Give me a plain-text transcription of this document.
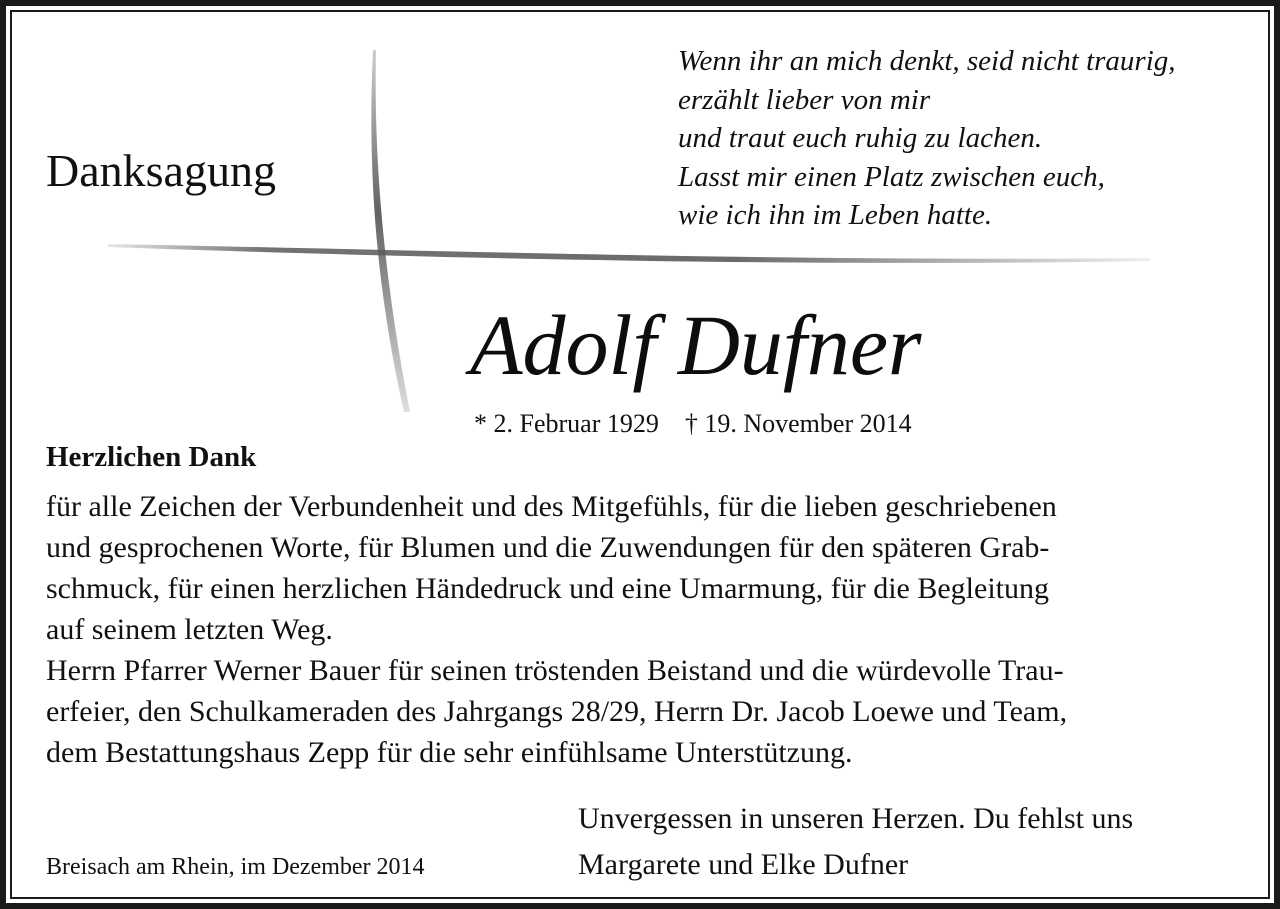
Danksagung
Wenn ihr an mich denkt, seid nicht traurig,
erzählt lieber von mir
und traut euch ruhig zu lachen.
Lasst mir einen Platz zwischen euch,
wie ich ihn im Leben hatte.
Adolf Dufner
* 2. Februar 1929 † 19. November 2014
Herzlichen Dank
für alle Zeichen der Verbundenheit und des Mitgefühls, für die lieben geschriebenen
und gesprochenen Worte, für Blumen und die Zuwendungen für den späteren Grab-
schmuck, für einen herzlichen Händedruck und eine Umarmung, für die Begleitung
auf seinem letzten Weg.
Herrn Pfarrer Werner Bauer für seinen tröstenden Beistand und die würdevolle Trau-
erfeier, den Schulkameraden des Jahrgangs 28/29, Herrn Dr. Jacob Loewe und Team,
dem Bestattungshaus Zepp für die sehr einfühlsame Unterstützung.
Unvergessen in unseren Herzen. Du fehlst uns
Margarete und Elke Dufner
Breisach am Rhein, im Dezember 2014
